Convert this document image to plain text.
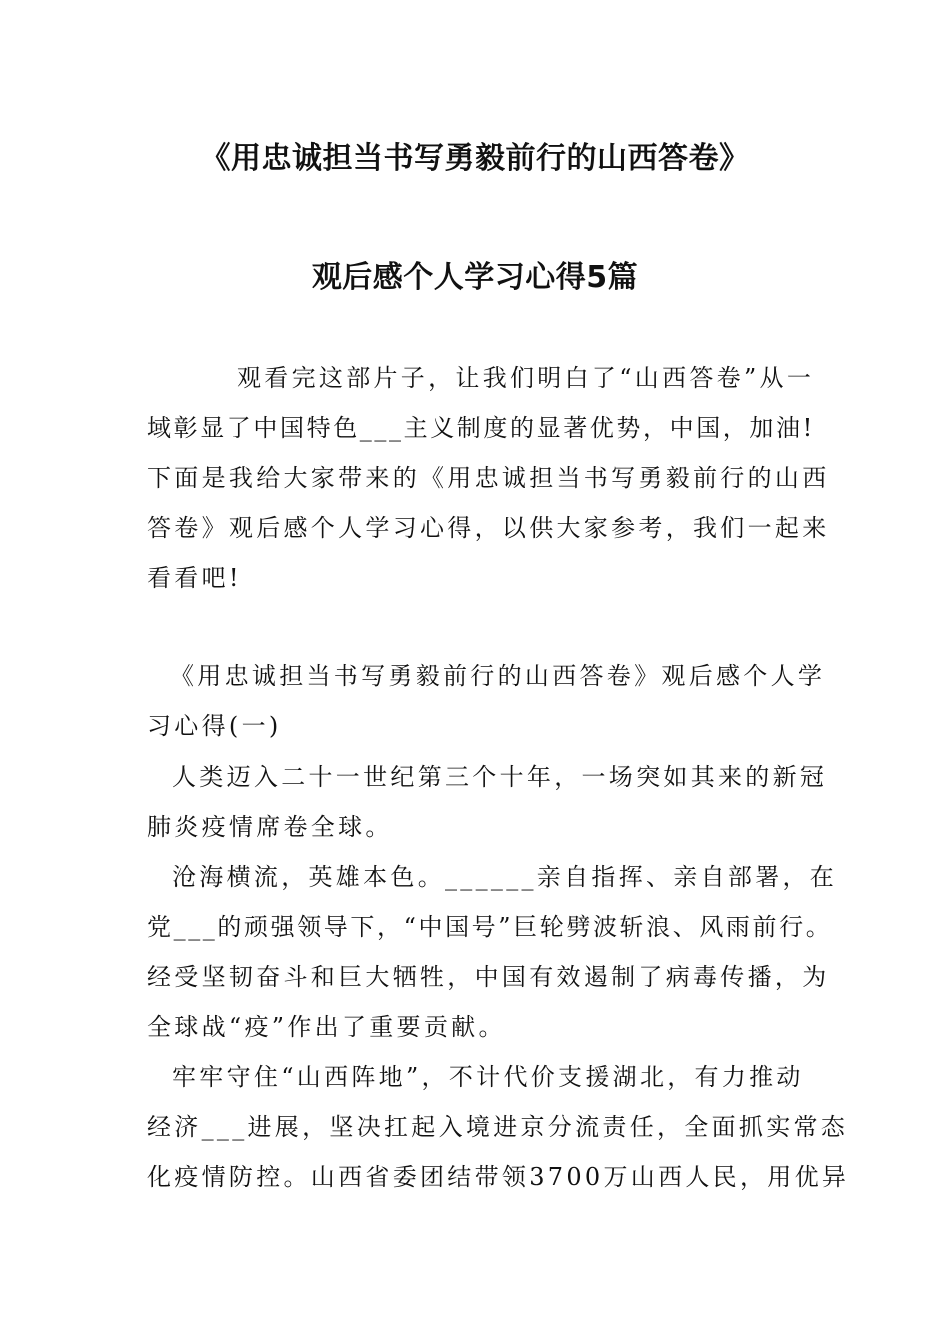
《用忠诚担当书写勇毅前行的山西答卷》
观后感个人学习心得5篇

观看完这部片子，让我们明白了“山西答卷”从一

域彰显了中国特色___主义制度的显著优势，中国，加油!

下面是我给大家带来的《用忠诚担当书写勇毅前行的山西

答卷》观后感个人学习心得，以供大家参考，我们一起来

看看吧!

《用忠诚担当书写勇毅前行的山西答卷》观后感个人学

习心得(一)

人类迈入二十一世纪第三个十年，一场突如其来的新冠

肺炎疫情席卷全球。

沧海横流，英雄本色。______亲自指挥、亲自部署，在

党___的顽强领导下，“中国号”巨轮劈波斩浪、风雨前行。

经受坚韧奋斗和巨大牺牲，中国有效遏制了病毒传播，为

全球战“疫”作出了重要贡献。

牢牢守住“山西阵地”，不计代价支援湖北，有力推动

经济___进展，坚决扛起入境进京分流责任，全面抓实常态

化疫情防控。山西省委团结带领3700万山西人民，用优异
